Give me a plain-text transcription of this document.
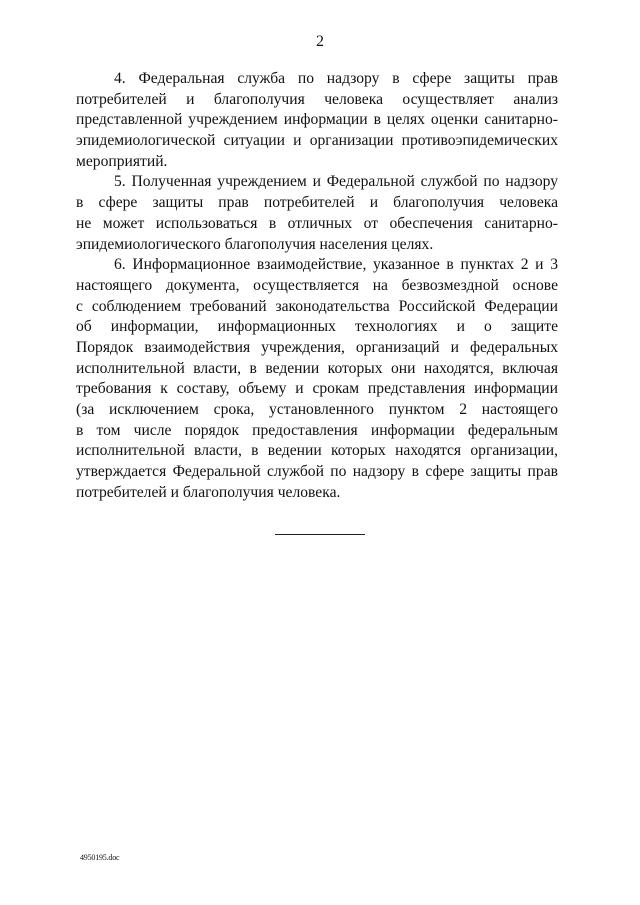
2
4. Федеральная служба по надзору в сфере защиты прав
потребителей и благополучия человека осуществляет анализ
представленной учреждением информации в целях оценки санитарно-
эпидемиологической ситуации и организации противоэпидемических
мероприятий.
5. Полученная учреждением и Федеральной службой по надзору
в сфере защиты прав потребителей и благополучия человека
не может использоваться в отличных от обеспечения санитарно-
эпидемиологического благополучия населения целях.
6. Информационное взаимодействие, указанное в пунктах 2 и 3
настоящего документа, осуществляется на безвозмездной основе
с соблюдением требований законодательства Российской Федерации
об информации, информационных технологиях и о защите
Порядок взаимодействия учреждения, организаций и федеральных
исполнительной власти, в ведении которых они находятся, включая
требования к составу, объему и срокам представления информации
(за исключением срока, установленного пунктом 2 настоящего
в том числе порядок предоставления информации федеральным
исполнительной власти, в ведении которых находятся организации,
утверждается Федеральной службой по надзору в сфере защиты прав
потребителей и благополучия человека.
4950195.doc
